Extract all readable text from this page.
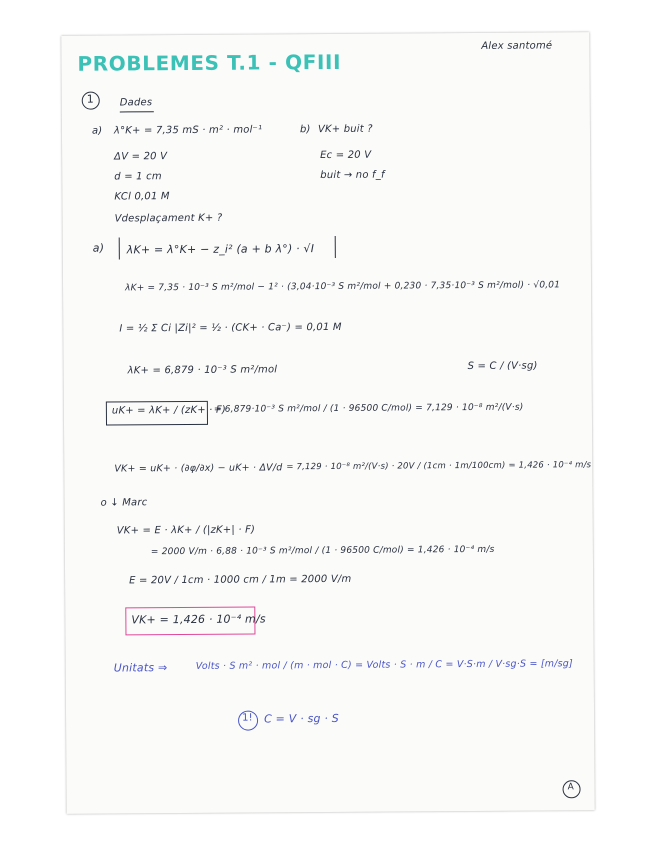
PROBLEMES T.1 - QFIII
Alex santomé
1	Dades
a) λ°K+ = 7,35 mS · m² · mol⁻¹
ΔV = 20 V
d = 1 cm
KCl 0,01 M
Vdesplaçament K+ ?
b) VK+ buit ?
Ec = 20 V
buit → no f_f
a) λK+ = λ°K+ − z_i² (a + b λ°) · √I
λK+ = 7,35 · 10⁻³ S m²/mol − 1² · (3,04·10⁻³ S m²/mol + 0,230 · 7,35·10⁻³ S m²/mol) · √0,01
I = ½ Σ Ci |Zi|² = ½ · (CK+ · Ca⁻) = 0,01 M
λK+ = 6,879 · 10⁻³ S m²/mol	S = C / (V·sg)
uK+ = λK+ / (zK+ · F)
= 6,879·10⁻³ S m²/mol / (1 · 96500 C/mol) = 7,129 · 10⁻⁸ m²/(V·s)
VK+ = uK+ · (∂φ/∂x) − uK+ · ΔV/d = 7,129 · 10⁻⁸ m²/(V·s) · 20V / (1cm · 1m/100cm) = 1,426 · 10⁻⁴ m/s
o ↓ Marc
VK+ = E · λK+ / (|zK+| · F)
= 2000 V/m · 6,88 · 10⁻³ S m²/mol / (1 · 96500 C/mol) = 1,426 · 10⁻⁴ m/s
E = 20V / 1cm · 1000 cm / 1m = 2000 V/m
VK+ = 1,426 · 10⁻⁴ m/s
Unitats ⇒	Volts · S m² · mol / (m · mol · C) = Volts · S · m / C = V·S·m / V·sg·S = [m/sg]
1! C = V · sg · S
A
